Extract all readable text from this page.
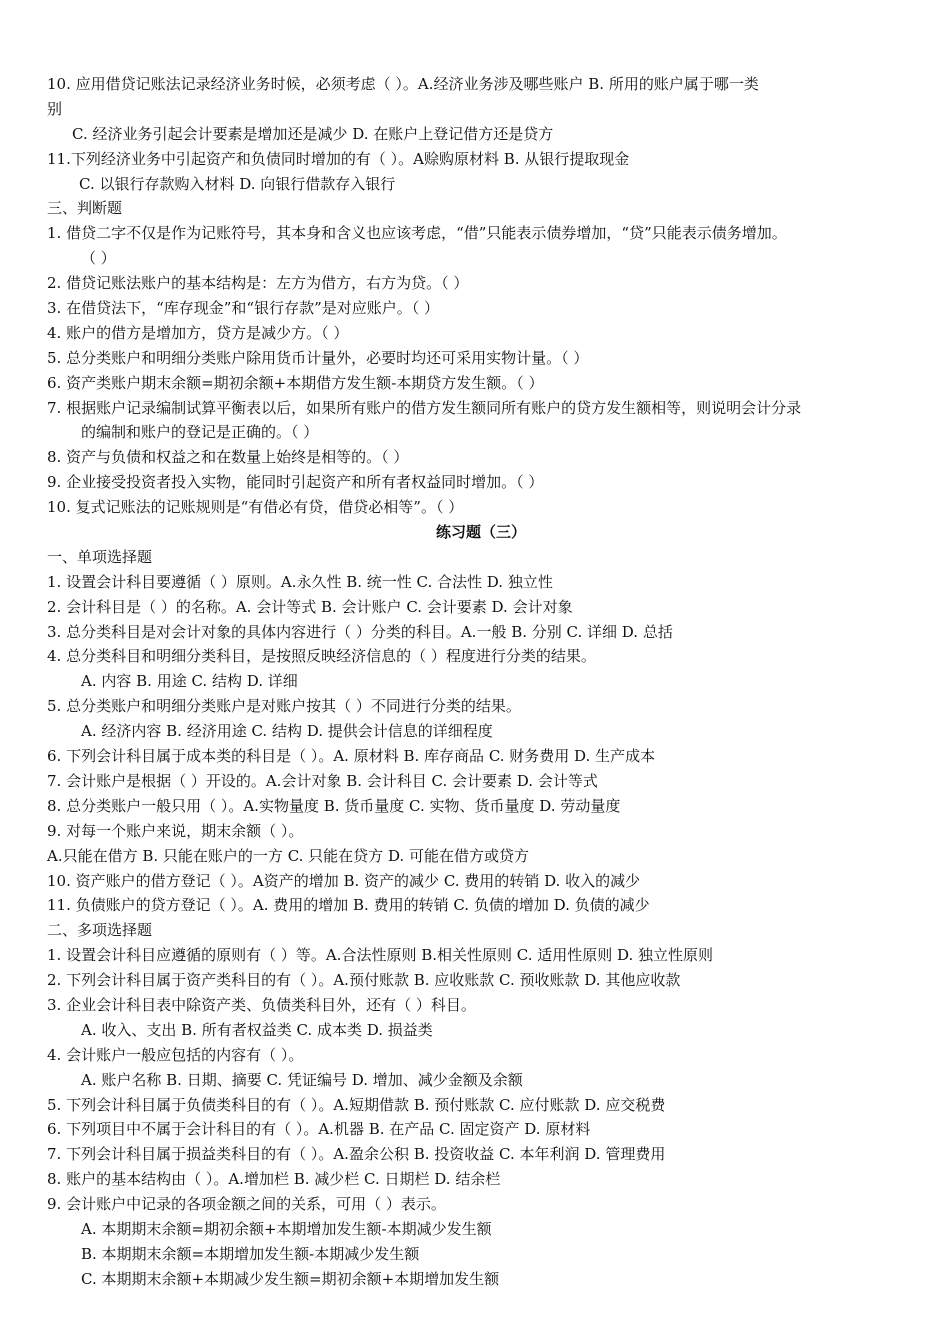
10. 应用借贷记账法记录经济业务时候，必须考虑（ ）。A.经济业务涉及哪些账户 B. 所用的账户属于哪一类
别
C. 经济业务引起会计要素是增加还是减少 D. 在账户上登记借方还是贷方
11.下列经济业务中引起资产和负债同时增加的有（ ）。A赊购原材料 B. 从银行提取现金
C. 以银行存款购入材料 D. 向银行借款存入银行
三、判断题
1. 借贷二字不仅是作为记账符号，其本身和含义也应该考虑，“借”只能表示债券增加，“贷”只能表示债务增加。
（ ）
2. 借贷记账法账户的基本结构是：左方为借方，右方为贷。（ ）
3. 在借贷法下，“库存现金”和“银行存款”是对应账户。（ ）
4. 账户的借方是增加方，贷方是减少方。（ ）
5. 总分类账户和明细分类账户除用货币计量外，必要时均还可采用实物计量。（ ）
6. 资产类账户期末余额=期初余额+本期借方发生额-本期贷方发生额。（ ）
7. 根据账户记录编制试算平衡表以后，如果所有账户的借方发生额同所有账户的贷方发生额相等，则说明会计分录
的编制和账户的登记是正确的。（ ）
8. 资产与负债和权益之和在数量上始终是相等的。（ ）
9. 企业接受投资者投入实物，能同时引起资产和所有者权益同时增加。（ ）
10. 复式记账法的记账规则是“有借必有贷，借贷必相等”。（ ）
练习题（三）
一、单项选择题
1. 设置会计科目要遵循（ ）原则。A.永久性 B. 统一性 C. 合法性 D. 独立性
2. 会计科目是（ ）的名称。A. 会计等式 B. 会计账户 C. 会计要素 D. 会计对象
3. 总分类科目是对会计对象的具体内容进行（ ）分类的科目。A.一般 B. 分别 C. 详细 D. 总括
4. 总分类科目和明细分类科目，是按照反映经济信息的（ ）程度进行分类的结果。
A. 内容 B. 用途 C. 结构 D. 详细
5. 总分类账户和明细分类账户是对账户按其（ ）不同进行分类的结果。
A. 经济内容 B. 经济用途 C. 结构 D. 提供会计信息的详细程度
6. 下列会计科目属于成本类的科目是（ ）。A. 原材料 B. 库存商品 C. 财务费用 D. 生产成本
7. 会计账户是根据（ ）开设的。A.会计对象 B. 会计科目 C. 会计要素 D. 会计等式
8. 总分类账户一般只用（ ）。A.实物量度 B. 货币量度 C. 实物、货币量度 D. 劳动量度
9. 对每一个账户来说，期末余额（ ）。
A.只能在借方 B. 只能在账户的一方 C. 只能在贷方 D. 可能在借方或贷方
10. 资产账户的借方登记（ ）。A资产的增加 B. 资产的减少 C. 费用的转销 D. 收入的减少
11. 负债账户的贷方登记（ ）。A. 费用的增加 B. 费用的转销 C. 负债的增加 D. 负债的减少
二、多项选择题
1. 设置会计科目应遵循的原则有（ ）等。A.合法性原则 B.相关性原则 C. 适用性原则 D. 独立性原则
2. 下列会计科目属于资产类科目的有（ ）。A.预付账款 B. 应收账款 C. 预收账款 D. 其他应收款
3. 企业会计科目表中除资产类、负债类科目外，还有（ ）科目。
A. 收入、支出 B. 所有者权益类 C. 成本类 D. 损益类
4. 会计账户一般应包括的内容有（ ）。
A. 账户名称 B. 日期、摘要 C. 凭证编号 D. 增加、减少金额及余额
5. 下列会计科目属于负债类科目的有（ ）。A.短期借款 B. 预付账款 C. 应付账款 D. 应交税费
6. 下列项目中不属于会计科目的有（ ）。A.机器 B. 在产品 C. 固定资产 D. 原材料
7. 下列会计科目属于损益类科目的有（ ）。A.盈余公积 B. 投资收益 C. 本年利润 D. 管理费用
8. 账户的基本结构由（ ）。A.增加栏 B. 减少栏 C. 日期栏 D. 结余栏
9. 会计账户中记录的各项金额之间的关系，可用（ ）表示。
A. 本期期末余额=期初余额+本期增加发生额-本期减少发生额
B. 本期期末余额=本期增加发生额-本期减少发生额
C. 本期期末余额+本期减少发生额=期初余额+本期增加发生额
